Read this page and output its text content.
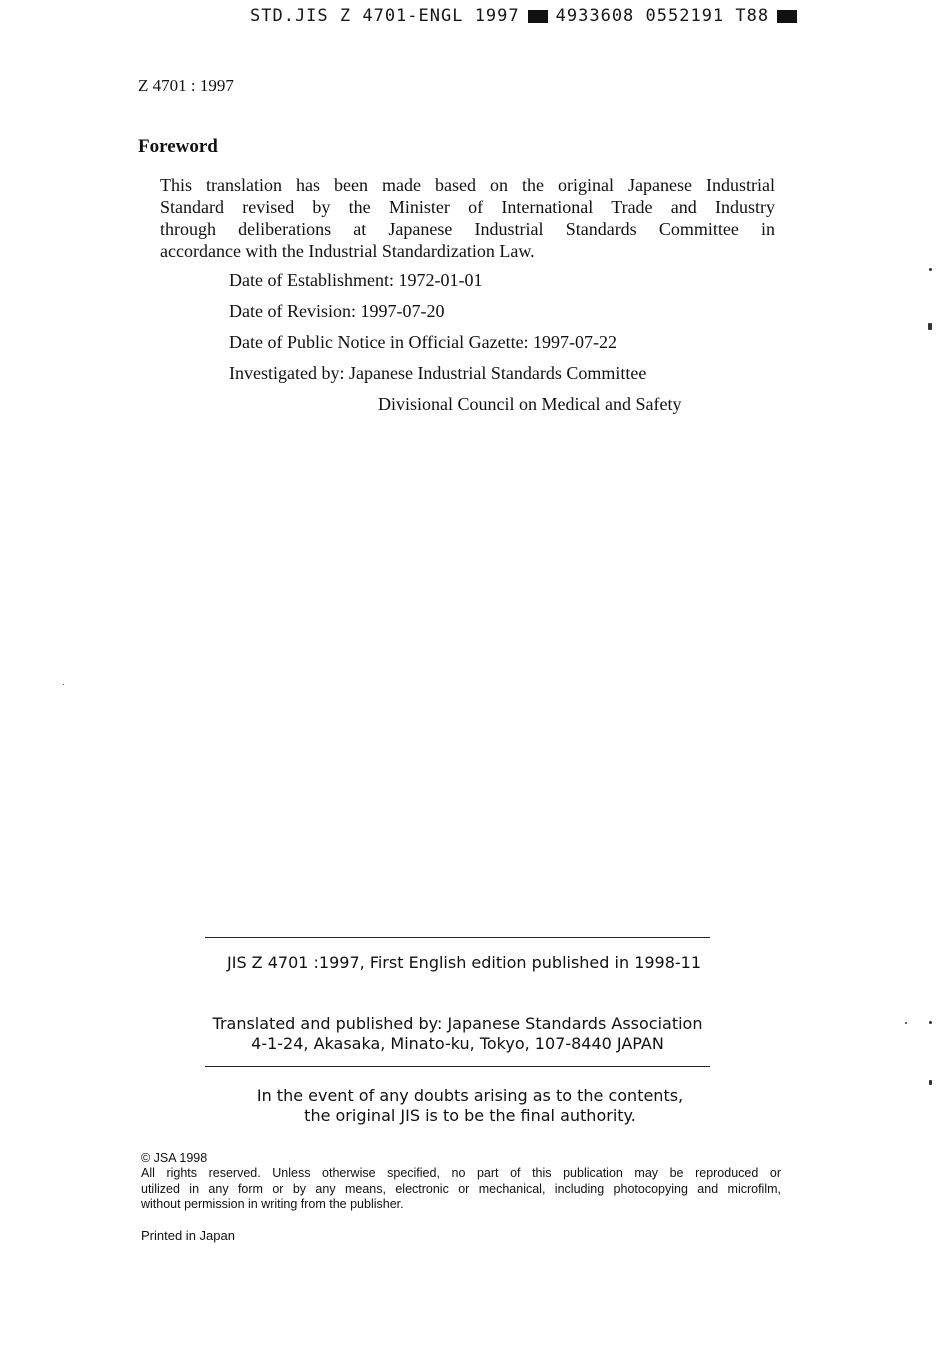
STD.JIS Z 4701-ENGL 1997 4933608 0552191 T88
Z 4701 : 1997
Foreword
This translation has been made based on the original Japanese Industrial
Standard revised by the Minister of International Trade and Industry
through deliberations at Japanese Industrial Standards Committee in
accordance with the Industrial Standardization Law.
Date of Establishment: 1972-01-01
Date of Revision: 1997-07-20
Date of Public Notice in Official Gazette: 1997-07-22
Investigated by: Japanese Industrial Standards Committee
Divisional Council on Medical and Safety
JIS Z 4701 :1997, First English edition published in 1998-11
Translated and published by: Japanese Standards Association
4-1-24, Akasaka, Minato-ku, Tokyo, 107-8440 JAPAN
In the event of any doubts arising as to the contents,
the original JIS is to be the final authority.
© JSA 1998
All rights reserved. Unless otherwise specified, no part of this publication may be reproduced or
utilized in any form or by any means, electronic or mechanical, including photocopying and microfilm,
without permission in writing from the publisher.
Printed in Japan
